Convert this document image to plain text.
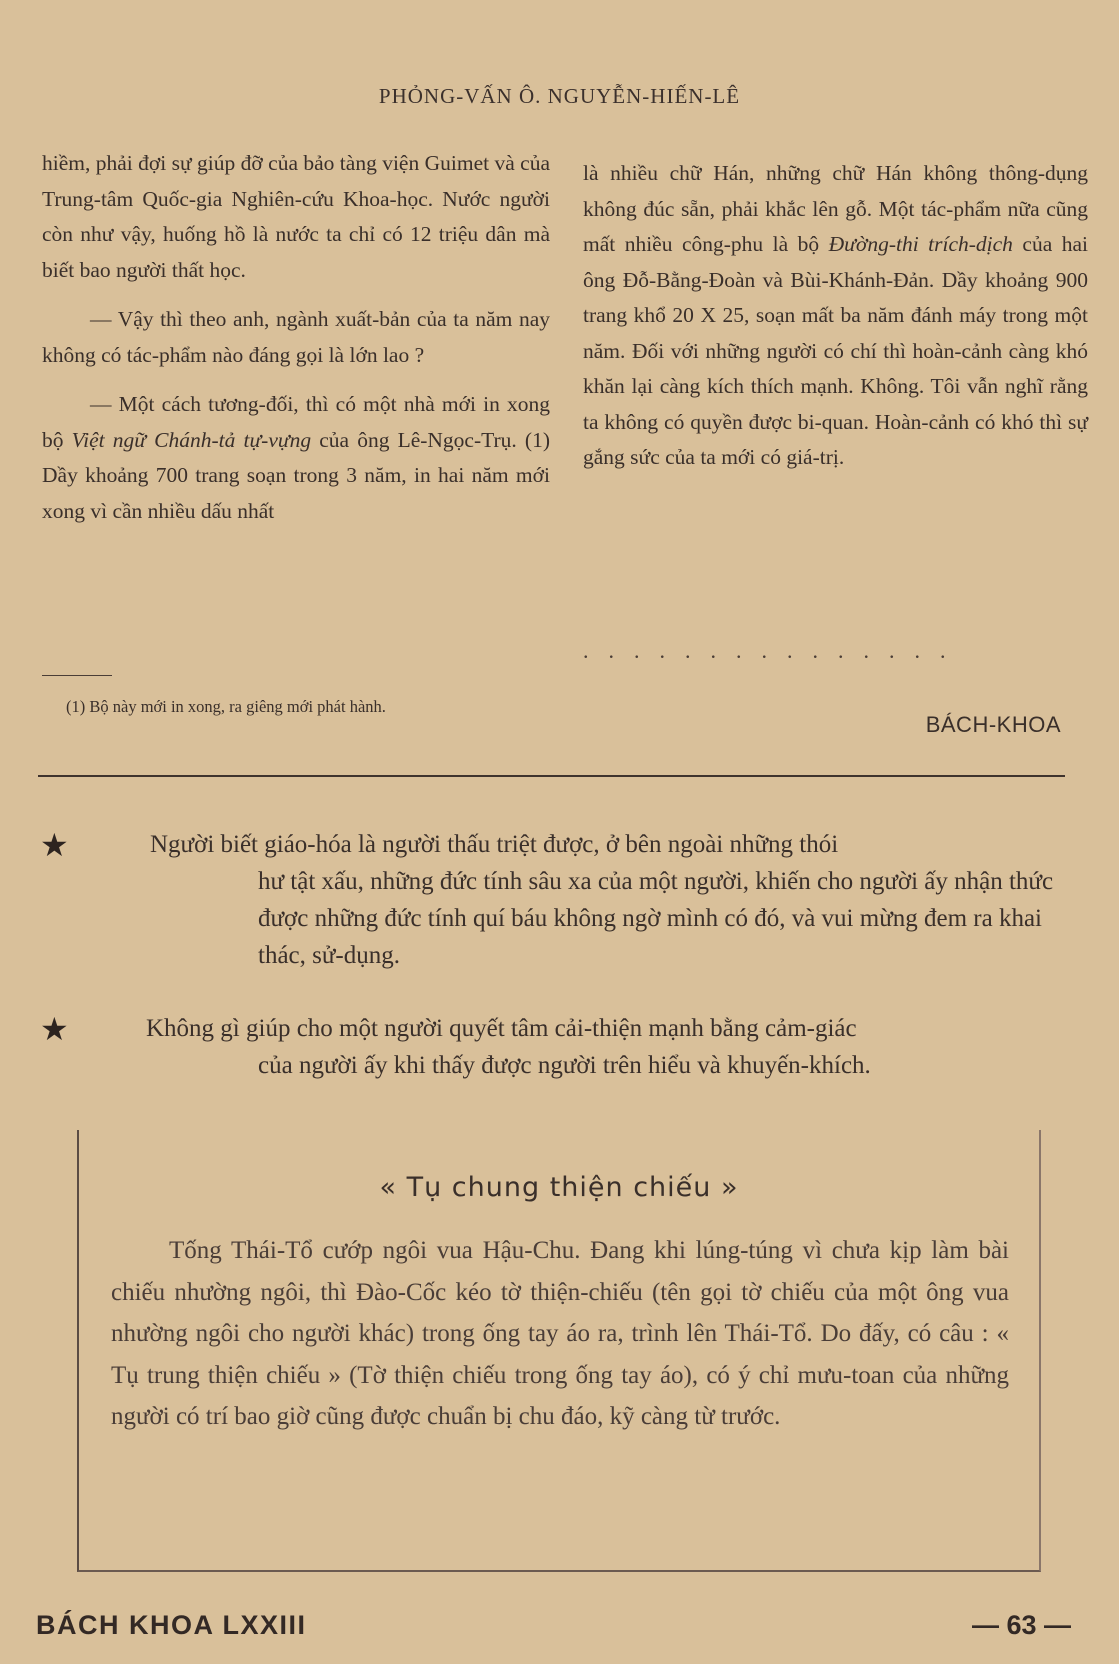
PHỎNG-VẤN Ô. NGUYỄN-HIẾN-LÊ

hiềm, phải đợi sự giúp đỡ của bảo tàng viện Guimet và của Trung-tâm Quốc-gia Nghiên-cứu Khoa-học. Nước người còn như vậy, huống hồ là nước ta chỉ có 12 triệu dân mà biết bao người thất học.

— Vậy thì theo anh, ngành xuất-bản của ta năm nay không có tác-phẩm nào đáng gọi là lớn lao ?

— Một cách tương-đối, thì có một nhà mới in xong bộ Việt ngữ Chánh-tả tự-vựng của ông Lê-Ngọc-Trụ. (1) Dầy khoảng 700 trang soạn trong 3 năm, in hai năm mới xong vì cần nhiều dấu nhất

(1) Bộ này mới in xong, ra giêng mới phát hành.

là nhiều chữ Hán, những chữ Hán không thông-dụng không đúc sẵn, phải khắc lên gỗ. Một tác-phẩm nữa cũng mất nhiều công-phu là bộ Đường-thi trích-dịch của hai ông Đỗ-Bằng-Đoàn và Bùi-Khánh-Đản. Dầy khoảng 900 trang khổ 20 X 25, soạn mất ba năm đánh máy trong một năm. Đối với những người có chí thì hoàn-cảnh càng khó khăn lại càng kích thích mạnh. Không. Tôi vẫn nghĩ rằng ta không có quyền được bi-quan. Hoàn-cảnh có khó thì sự gắng sức của ta mới có giá-trị.

...............
BÁCH-KHOA
★	Người biết giáo-hóa là người thấu triệt được, ở bên ngoài những thói
hư tật xấu, những đức tính sâu xa của một người, khiến cho người ấy nhận thức được những đức tính quí báu không ngờ mình có đó, và vui mừng đem ra khai thác, sử-dụng.
★	Không gì giúp cho một người quyết tâm cải-thiện mạnh bằng cảm-giác
của người ấy khi thấy được người trên hiểu và khuyến-khích.
« Tụ chung thiện chiếu »
Tống Thái-Tổ cướp ngôi vua Hậu-Chu. Đang khi lúng-túng vì chưa kịp làm bài chiếu nhường ngôi, thì Đào-Cốc kéo tờ thiện-chiếu (tên gọi tờ chiếu của một ông vua nhường ngôi cho người khác) trong ống tay áo ra, trình lên Thái-Tổ. Do đấy, có câu : « Tụ trung thiện chiếu » (Tờ thiện chiếu trong ống tay áo), có ý chỉ mưu-toan của những người có trí bao giờ cũng được chuẩn bị chu đáo, kỹ càng từ trước.
BÁCH KHOA LXXIII	— 63 —
